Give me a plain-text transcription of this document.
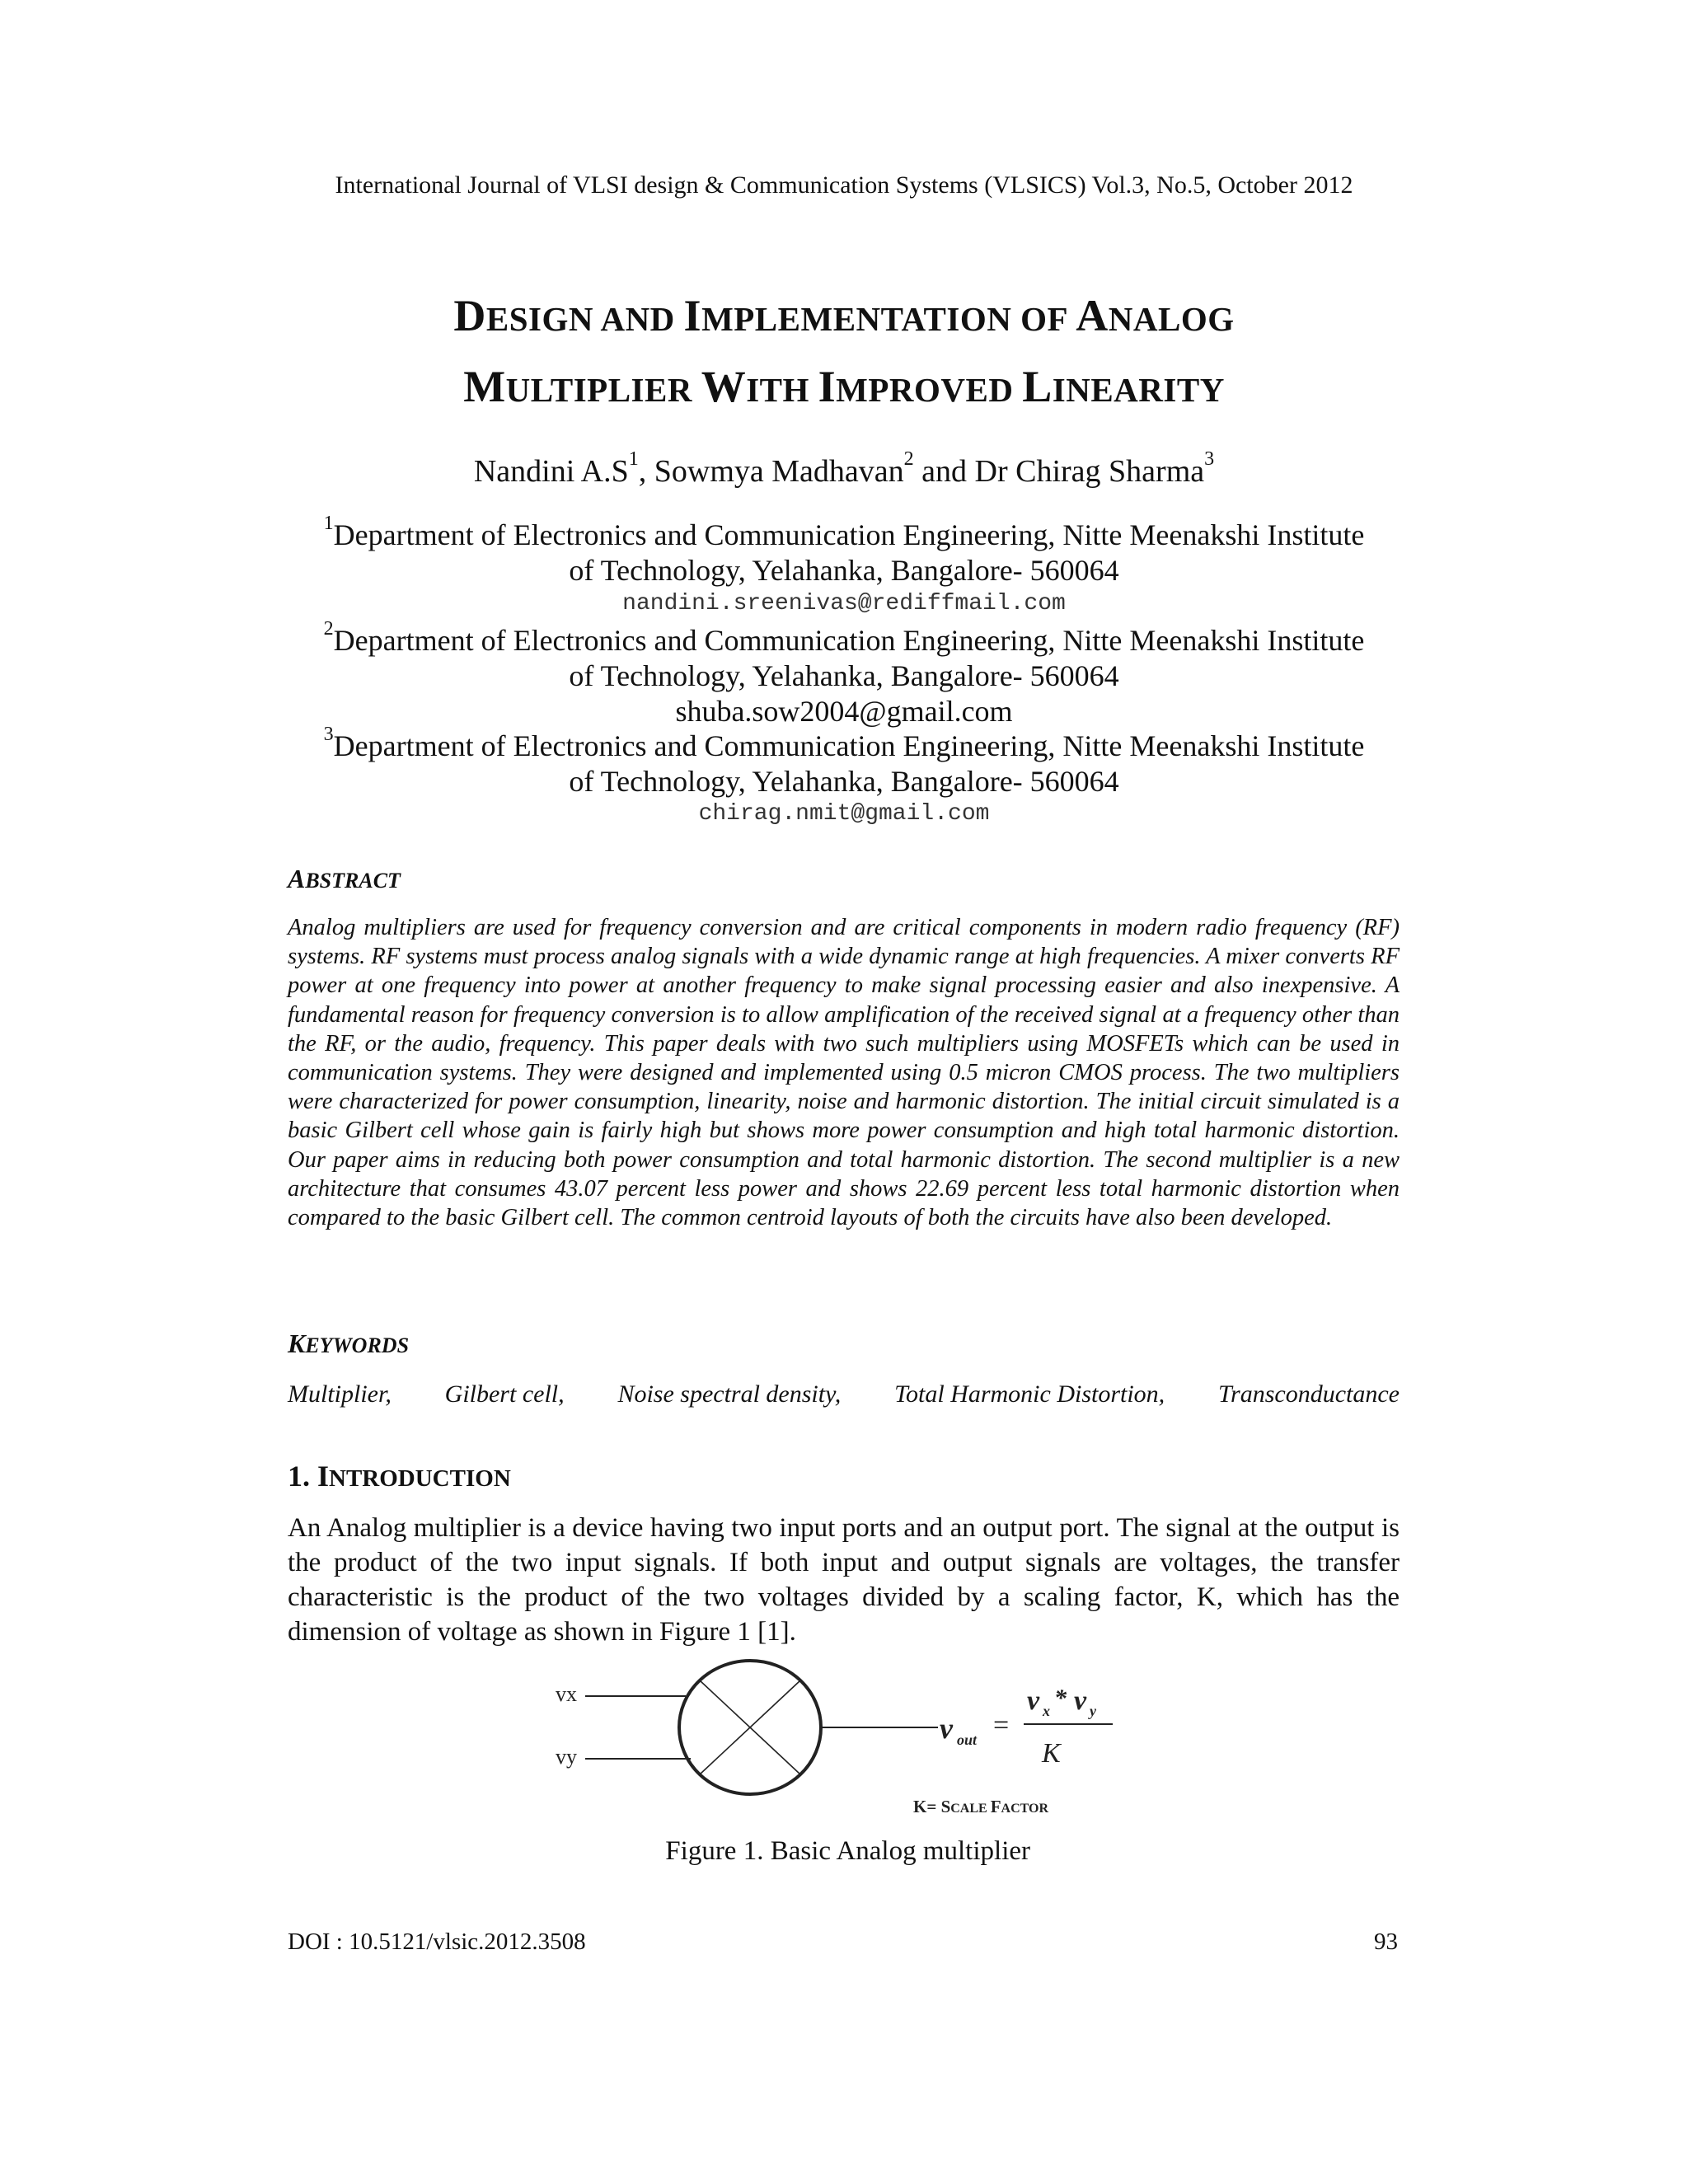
International Journal of VLSI design & Communication Systems (VLSICS) Vol.3, No.5, October 2012
DESIGN AND IMPLEMENTATION OF ANALOG
MULTIPLIER WITH IMPROVED LINEARITY
Nandini $A.S^1$, Sowmya Madhavan$^2$ and Dr Chirag Sharma$^3$
$^1$Department of Electronics and Communication Engineering, Nitte Meenakshi Institute
of Technology, Yelahanka, Bangalore- 560064
nandini.sreenivas@rediffmail.com
$^2$Department of Electronics and Communication Engineering, Nitte Meenakshi Institute
of Technology, Yelahanka, Bangalore- 560064
shuba.sow2004@gmail.com
$^3$Department of Electronics and Communication Engineering, Nitte Meenakshi Institute
of Technology, Yelahanka, Bangalore- 560064
chirag.nmit@gmail.com
ABSTRACT
Analog multipliers are used for frequency conversion and are critical components in modern radio frequency (RF) systems. RF systems must process analog signals with a wide dynamic range at high frequencies. A mixer converts RF power at one frequency into power at another frequency to make signal processing easier and also inexpensive. A fundamental reason for frequency conversion is to allow amplification of the received signal at a frequency other than the RF, or the audio, frequency. This paper deals with two such multipliers using MOSFETs which can be used in communication systems. They were designed and implemented using 0.5 micron CMOS process. The two multipliers were characterized for power consumption, linearity, noise and harmonic distortion. The initial circuit simulated is a basic Gilbert cell whose gain is fairly high but shows more power consumption and high total harmonic distortion. Our paper aims in reducing both power consumption and total harmonic distortion. The second multiplier is a new architecture that consumes 43.07 percent less power and shows 22.69 percent less total harmonic distortion when compared to the basic Gilbert cell. The common centroid layouts of both the circuits have also been developed.
KEYWORDS
Multiplier, Gilbert cell, Noise spectral density, Total Harmonic Distortion, Transconductance
1. INTRODUCTION
An Analog multiplier is a device having two input ports and an output port. The signal at the output is the product of the two input signals. If both input and output signals are voltages, the transfer characteristic is the product of the two voltages divided by a scaling factor, K, which has the dimension of voltage as shown in Figure 1 [1].
vx
vy
v out =
v x * v y
K
K= SCALE FACTOR
Figure 1. Basic Analog multiplier
DOI : 10.5121/vlsic.2012.3508	93
